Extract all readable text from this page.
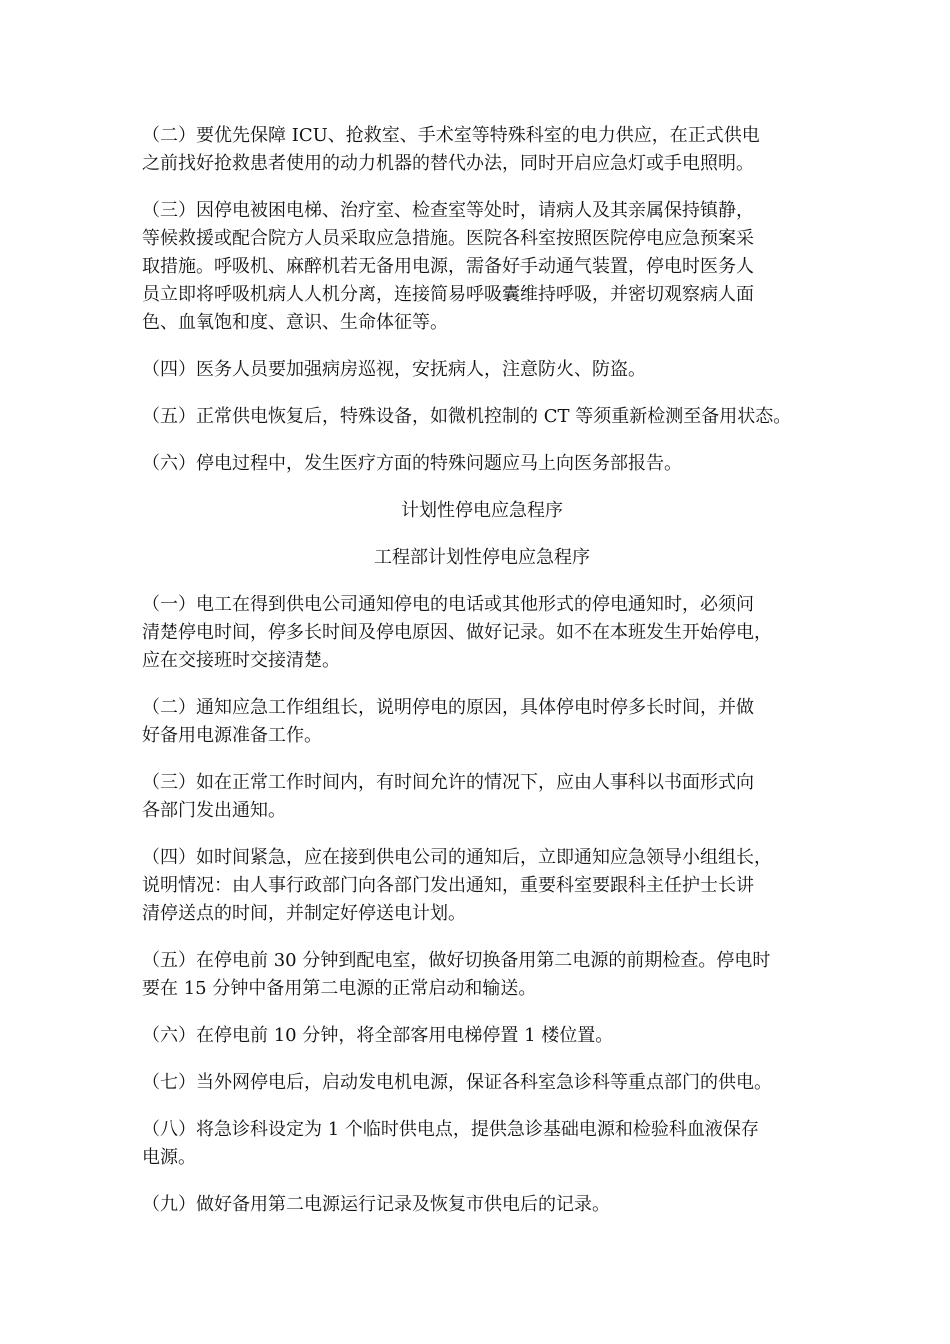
（二）要优先保障 ICU、抢救室、手术室等特殊科室的电力供应，在正式供电
之前找好抢救患者使用的动力机器的替代办法，同时开启应急灯或手电照明。

（三）因停电被困电梯、治疗室、检查室等处时，请病人及其亲属保持镇静，
等候救援或配合院方人员采取应急措施。医院各科室按照医院停电应急预案采
取措施。呼吸机、麻醉机若无备用电源，需备好手动通气装置，停电时医务人
员立即将呼吸机病人人机分离，连接简易呼吸囊维持呼吸，并密切观察病人面
色、血氧饱和度、意识、生命体征等。

（四）医务人员要加强病房巡视，安抚病人，注意防火、防盗。

（五）正常供电恢复后，特殊设备，如微机控制的 CT 等须重新检测至备用状态。

（六）停电过程中，发生医疗方面的特殊问题应马上向医务部报告。

计划性停电应急程序

工程部计划性停电应急程序

（一）电工在得到供电公司通知停电的电话或其他形式的停电通知时，必须问
清楚停电时间，停多长时间及停电原因、做好记录。如不在本班发生开始停电，
应在交接班时交接清楚。

（二）通知应急工作组组长，说明停电的原因，具体停电时停多长时间，并做
好备用电源准备工作。

（三）如在正常工作时间内，有时间允许的情况下，应由人事科以书面形式向
各部门发出通知。

（四）如时间紧急，应在接到供电公司的通知后，立即通知应急领导小组组长，
说明情况：由人事行政部门向各部门发出通知，重要科室要跟科主任护士长讲
清停送点的时间，并制定好停送电计划。

（五）在停电前 30 分钟到配电室，做好切换备用第二电源的前期检查。停电时
要在 15 分钟中备用第二电源的正常启动和输送。

（六）在停电前 10 分钟，将全部客用电梯停置 1 楼位置。

（七）当外网停电后，启动发电机电源，保证各科室急诊科等重点部门的供电。

（八）将急诊科设定为 1 个临时供电点，提供急诊基础电源和检验科血液保存
电源。

（九）做好备用第二电源运行记录及恢复市供电后的记录。
